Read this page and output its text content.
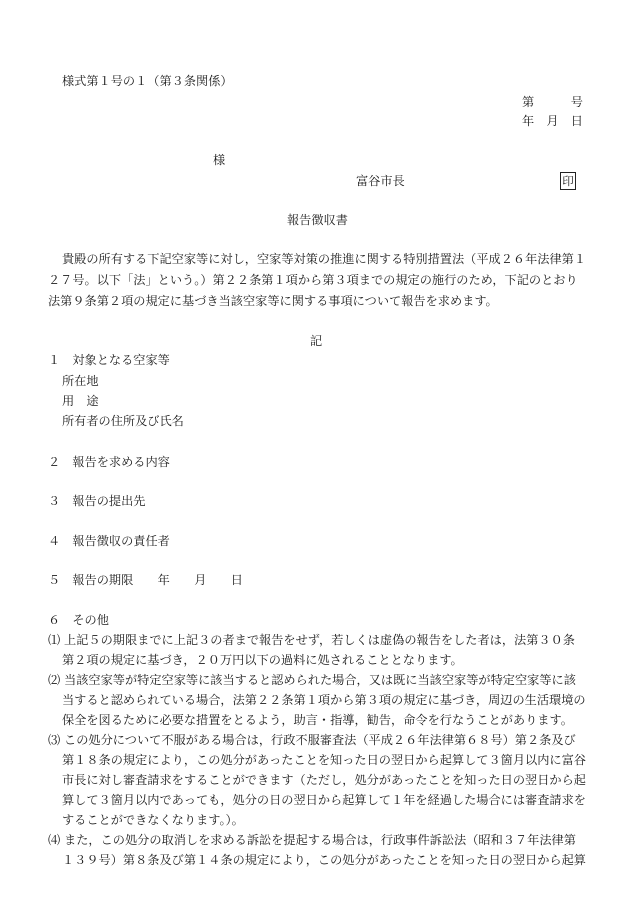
様式第１号の１（第３条関係）
第　　　号
年　月　日
様
富谷市長	印
報告徴収書
貴殿の所有する下記空家等に対し，空家等対策の推進に関する特別措置法（平成２６年法律第１
２７号。以下「法」という。）第２２条第１項から第３項までの規定の施行のため，下記のとおり
法第９条第２項の規定に基づき当該空家等に関する事項について報告を求めます。
記
１　対象となる空家等
所在地
用　途
所有者の住所及び氏名
２　報告を求める内容
３　報告の提出先
４　報告徴収の責任者
５　報告の期限　　年　　月　　日
６　その他
⑴ 上記５の期限までに上記３の者まで報告をせず，若しくは虚偽の報告をした者は，法第３０条
第２項の規定に基づき，２０万円以下の過料に処されることとなります。
⑵ 当該空家等が特定空家等に該当すると認められた場合，又は既に当該空家等が特定空家等に該
当すると認められている場合，法第２２条第１項から第３項の規定に基づき，周辺の生活環境の
保全を図るために必要な措置をとるよう，助言・指導，勧告，命令を行なうことがあります。
⑶ この処分について不服がある場合は，行政不服審査法（平成２６年法律第６８号）第２条及び
第１８条の規定により，この処分があったことを知った日の翌日から起算して３箇月以内に富谷
市長に対し審査請求をすることができます（ただし，処分があったことを知った日の翌日から起
算して３箇月以内であっても，処分の日の翌日から起算して１年を経過した場合には審査請求を
することができなくなります。）。
⑷ また，この処分の取消しを求める訴訟を提起する場合は，行政事件訴訟法（昭和３７年法律第
１３９号）第８条及び第１４条の規定により，この処分があったことを知った日の翌日から起算
